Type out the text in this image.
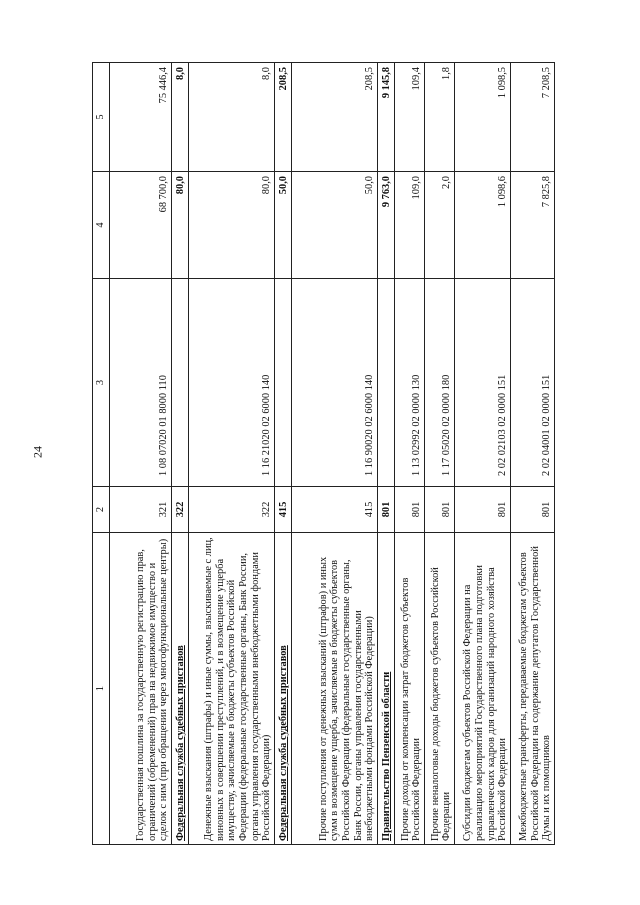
24
1	2	3	4	5
Государственная пошлина за государственную регистрацию прав, ограничений (обременений) прав на недвижимое имущество и сделок с ним (при обращении через многофункциональные центры)	321	1 08 07020 01 8000 110	68 700,0	75 446,4
Федеральная служба судебных приставов	322		80,0	8,0
Денежные взыскания (штрафы) и иные суммы, взыскиваемые с лиц, виновных в совершении преступлений, и в возмещение ущерба имуществу, зачисляемые в бюджеты субъектов Российской Федерации (федеральные государственные органы, Банк России, органы управления государственными внебюджетными фондами Российской Федерации)	322	1 16 21020 02 6000 140	80,0	8,0
Федеральная служба судебных приставов	415		50,0	208,5
Прочие поступления от денежных взысканий (штрафов) и иных сумм в возмещение ущерба, зачисляемые в бюджеты субъектов Российской Федерации (федеральные государственные органы, Банк России, органы управления государственными внебюджетными фондами Российской Федерации)	415	1 16 90020 02 6000 140	50,0	208,5
Правительство Пензенской области	801		9 763,0	9 145,8
Прочие доходы от компенсации затрат бюджетов субъектов Российской Федерации	801	1 13 02992 02 0000 130	109,0	109,4
Прочие неналоговые доходы бюджетов субъектов Российской Федерации	801	1 17 05020 02 0000 180	2,0	1,8
Субсидии бюджетам субъектов Российской Федерации на реализацию мероприятий Государственного плана подготовки управленческих кадров для организаций народного хозяйства Российской Федерации	801	2 02 02103 02 0000 151	1 098,6	1 098,5
Межбюджетные трансферты, передаваемые бюджетам субъектов Российской Федерации на содержание депутатов Государственной Думы и их помощников	801	2 02 04001 02 0000 151	7 825,8	7 208,5
